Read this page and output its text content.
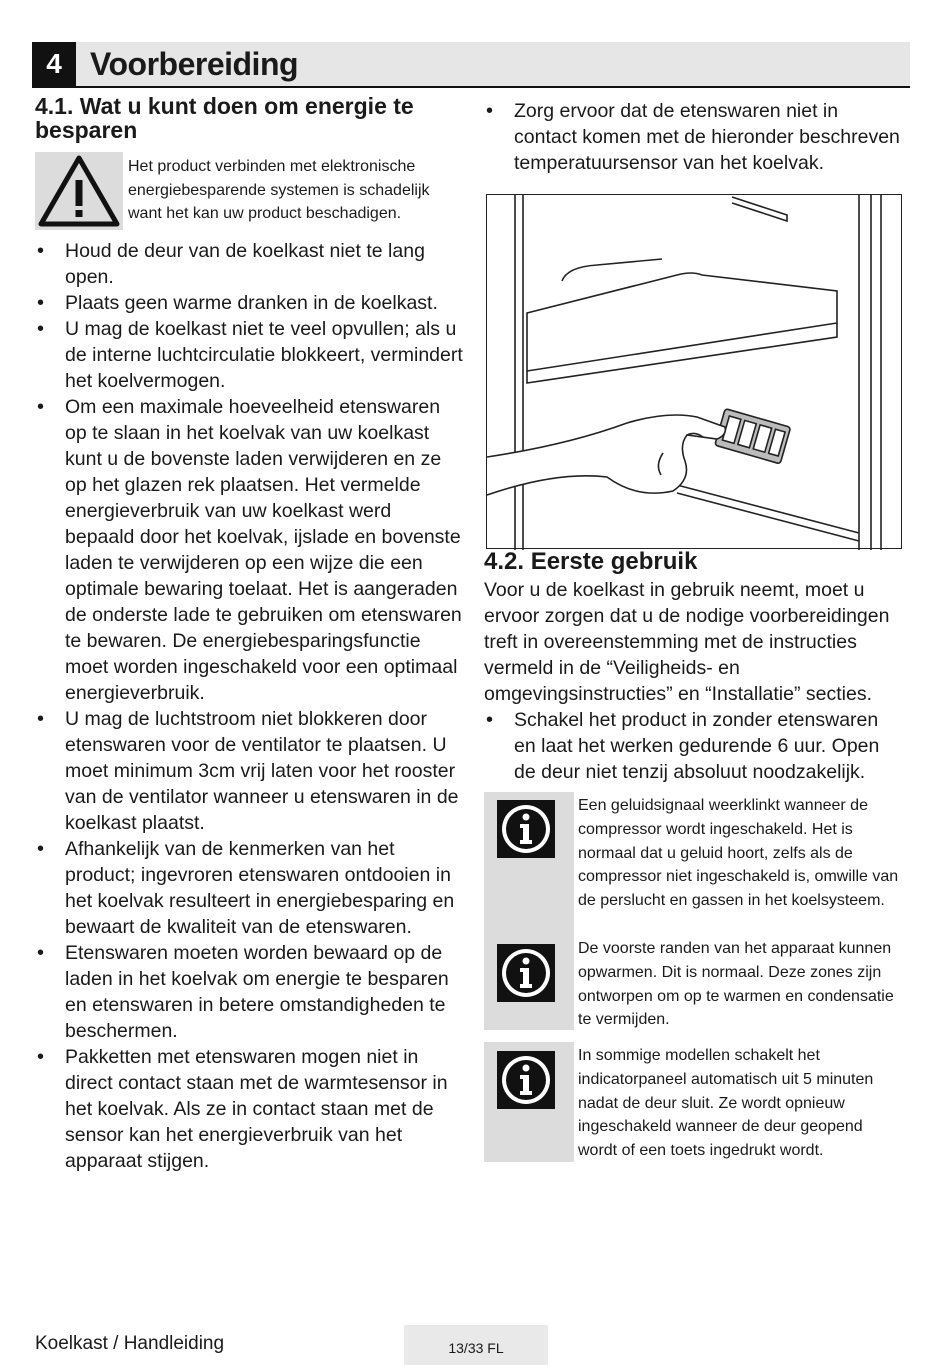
4 Voorbereiding
4.1. Wat u kunt doen om energie te besparen
Het product verbinden met elektronische energiebesparende systemen is schadelijk want het kan uw product beschadigen.
• Houd de deur van de koelkast niet te lang open.
• Plaats geen warme dranken in de koelkast.
• U mag de koelkast niet te veel opvullen; als u de interne luchtcirculatie blokkeert, vermindert het koelvermogen.
• Om een maximale hoeveelheid etenswaren op te slaan in het koelvak van uw koelkast kunt u de bovenste laden verwijderen en ze op het glazen rek plaatsen. Het vermelde energieverbruik van uw koelkast werd bepaald door het koelvak, ijslade en bovenste laden te verwijderen op een wijze die een optimale bewaring toelaat. Het is aangeraden de onderste lade te gebruiken om etenswaren te bewaren. De energiebesparingsfunctie moet worden ingeschakeld voor een optimaal energieverbruik.
• U mag de luchtstroom niet blokkeren door etenswaren voor de ventilator te plaatsen. U moet minimum 3cm vrij laten voor het rooster van de ventilator wanneer u etenswaren in de koelkast plaatst.
• Afhankelijk van de kenmerken van het product; ingevroren etenswaren ontdooien in het koelvak resulteert in energiebesparing en bewaart de kwaliteit van de etenswaren.
• Etenswaren moeten worden bewaard op de laden in het koelvak om energie te besparen en etenswaren in betere omstandigheden te beschermen.
• Pakketten met etenswaren mogen niet in direct contact staan met de warmtesensor in het koelvak. Als ze in contact staan met de sensor kan het energieverbruik van het apparaat stijgen.
• Zorg ervoor dat de etenswaren niet in contact komen met de hieronder beschreven temperatuursensor van het koelvak.
4.2. Eerste gebruik
Voor u de koelkast in gebruik neemt, moet u ervoor zorgen dat u de nodige voorbereidingen treft in overeenstemming met de instructies vermeld in de “Veiligheids- en omgevingsinstructies” en “Installatie” secties.
• Schakel het product in zonder etenswaren en laat het werken gedurende 6 uur. Open de deur niet tenzij absoluut noodzakelijk.
Een geluidsignaal weerklinkt wanneer de compressor wordt ingeschakeld. Het is normaal dat u geluid hoort, zelfs als de compressor niet ingeschakeld is, omwille van de perslucht en gassen in het koelsysteem.
De voorste randen van het apparaat kunnen opwarmen. Dit is normaal. Deze zones zijn ontworpen om op te warmen en condensatie te vermijden.
In sommige modellen schakelt het indicatorpaneel automatisch uit 5 minuten nadat de deur sluit. Ze wordt opnieuw ingeschakeld wanneer de deur geopend wordt of een toets ingedrukt wordt.
Koelkast / Handleiding	13/33 FL
